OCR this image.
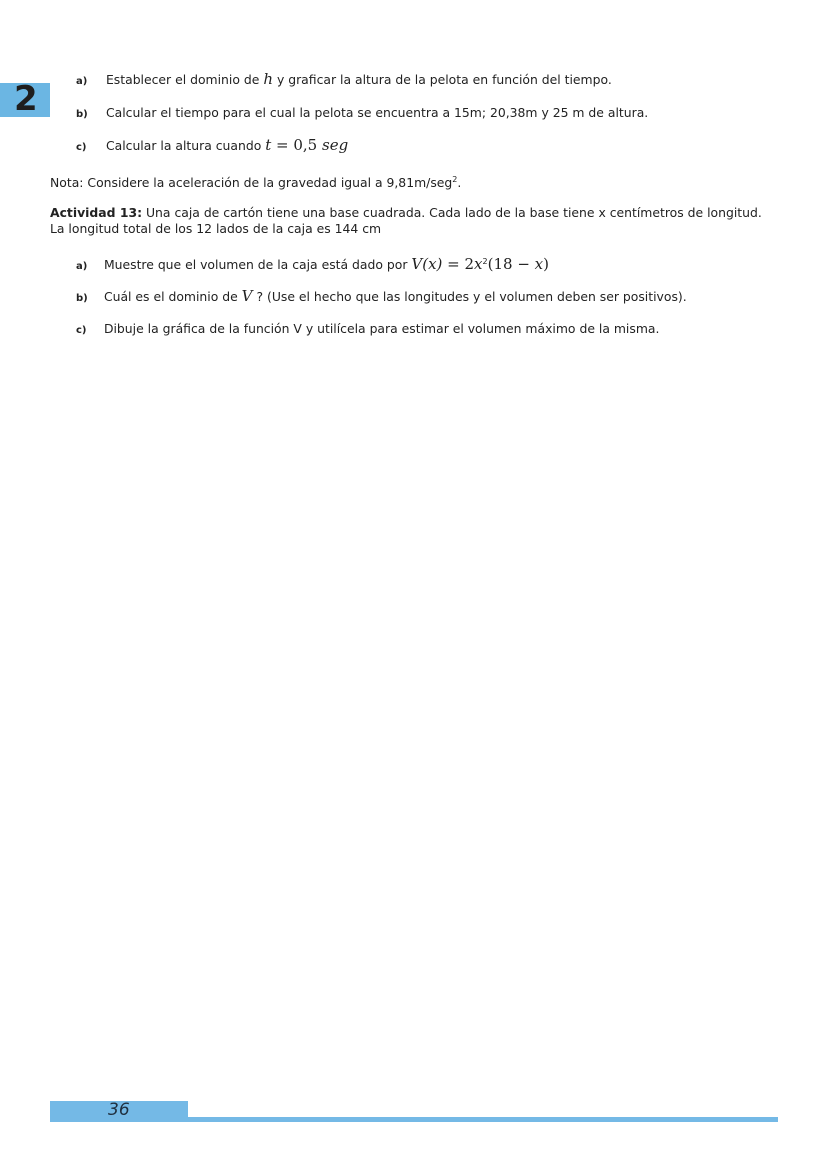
2	a) Establecer el dominio de h y graficar la altura de la pelota en función del tiempo.
b) Calcular el tiempo para el cual la pelota se encuentra a 15m; 20,38m y 25 m de altura.
c) Calcular la altura cuando t = 0,5 seg
Nota: Considere la aceleración de la gravedad igual a 9,81m/seg$^2$.
Actividad 13: Una caja de cartón tiene una base cuadrada. Cada lado de la base tiene x centímetros de longitud.
La longitud total de los 12 lados de la caja es 144 cm
a) Muestre que el volumen de la caja está dado por $V(x) = 2x^2(18 - x)$
b) Cuál es el dominio de V ? (Use el hecho que las longitudes y el volumen deben ser positivos).
c) Dibuje la gráfica de la función V y utilícela para estimar el volumen máximo de la misma.
36
